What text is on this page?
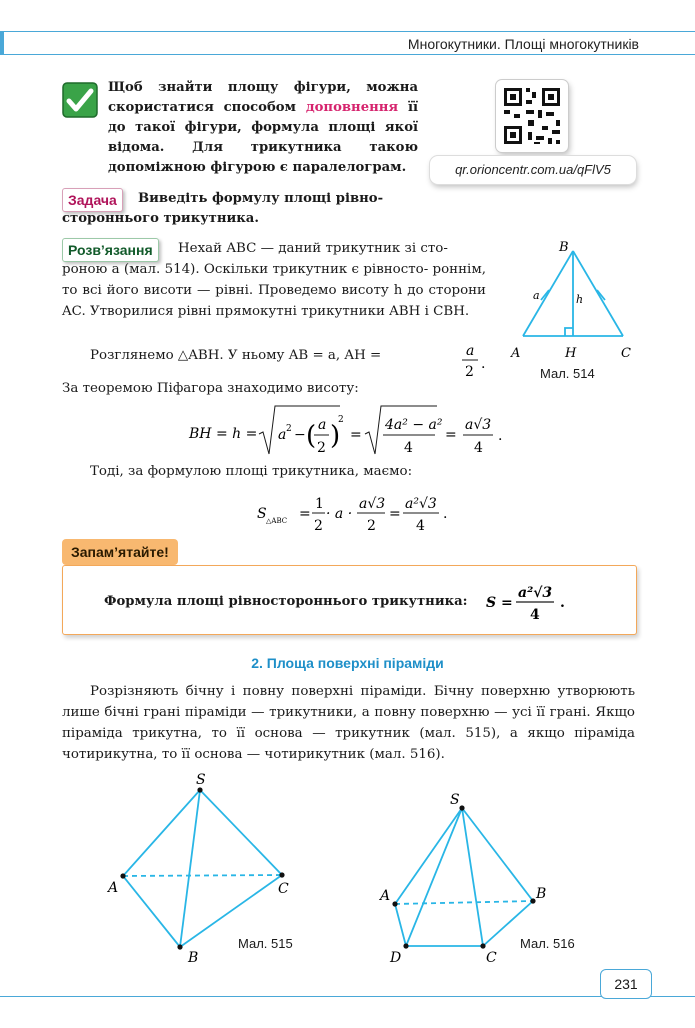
Многокутники. Площі многокутників
Щоб знайти площу фігури, можна скористатися способом доповнення її до такої фігури, формула площі якої відома. Для трикутника такою допоміжною фігурою є паралелограм.	qr.orioncentr.com.ua/qFlV5
Задача	Виведіть формулу площі рівно-
стороннього трикутника.
Розв’язання	Нехай ABC — даний трикутник зі сто-
роною a (мал. 514). Оскільки трикутник є рівносто- роннім, то всі його висоти — рівні. Проведемо висоту h до сторони AC. Утворилися рівні прямокутні трикутники ABH і CBH.
B
A	H	C
a	h
Мал. 514
Розглянемо △ABH. У ньому AB = a, AH =	a
2 .
За теоремою Піфагора знаходимо висоту:
BH = h = a 2 − ( a
2 )
2
=
4a² − a²
4
=
a√3
4
.
Тоді, за формулою площі трикутника, маємо:
S △ABC =
1
2
· a ·
a√3
2
=
a²√3
4
.
Запам’ятайте!
Формула площі рівностороннього трикутника: S =
a²√3
4
.
2. Площа поверхні піраміди
Розрізняють бічну і повну поверхні піраміди. Бічну поверхню утворюють лише бічні грані піраміди — трикутники, а повну поверхню — усі її грані. Якщо піраміда трикутна, то її основа — трикутник (мал. 515), а якщо піраміда чотирикутна, то її основа — чотирикутник (мал. 516).
S
A	C
B
Мал. 515
S
A	B
D	C
Мал. 516
231
